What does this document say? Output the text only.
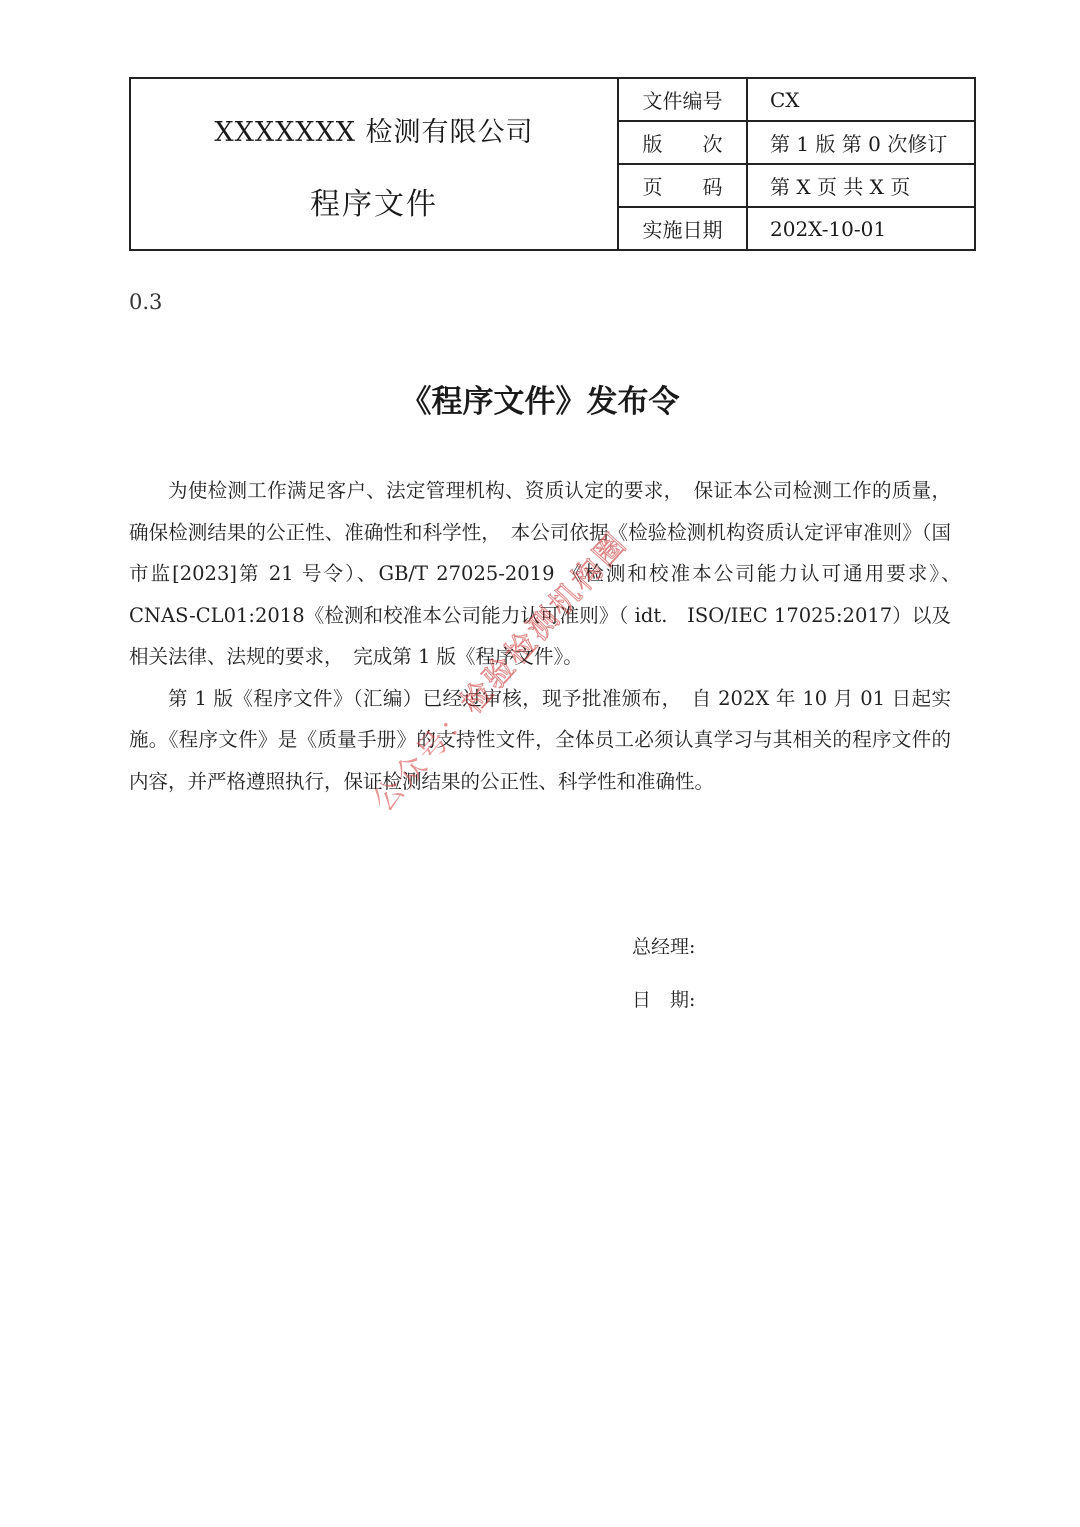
XXXXXXX 检测有限公司
程序文件	文件编号	CX
	版　　次	第 1 版 第 0 次修订
	页　　码	第 X 页 共 X 页
	实施日期	202X-10-01
0.3
《程序文件》发布令

为使检测工作满足客户、法定管理机构、资质认定的要求，　保证本公司检测工作的质量，确保检测结果的公正性、准确性和科学性，　本公司依据《检验检测机构资质认定评审准则》（国市监[2023]第 21 号令）、GB/T 27025-2019 《检测和校准本公司能力认可通用要求》、　CNAS-CL01:2018《检测和校准本公司能力认可准则》（ idt.　ISO/IEC 17025:2017）以及相关法律、法规的要求，　完成第 1 版《程序文件》。

第 1 版《程序文件》（汇编）已经过审核，现予批准颁布，　自 202X 年 10 月 01 日起实施。《程序文件》是《质量手册》的支持性文件，全体员工必须认真学习与其相关的程序文件的内容，并严格遵照执行，保证检测结果的公正性、科学性和准确性。

总经理:
日　期:
公众号：检验检测机构圈
